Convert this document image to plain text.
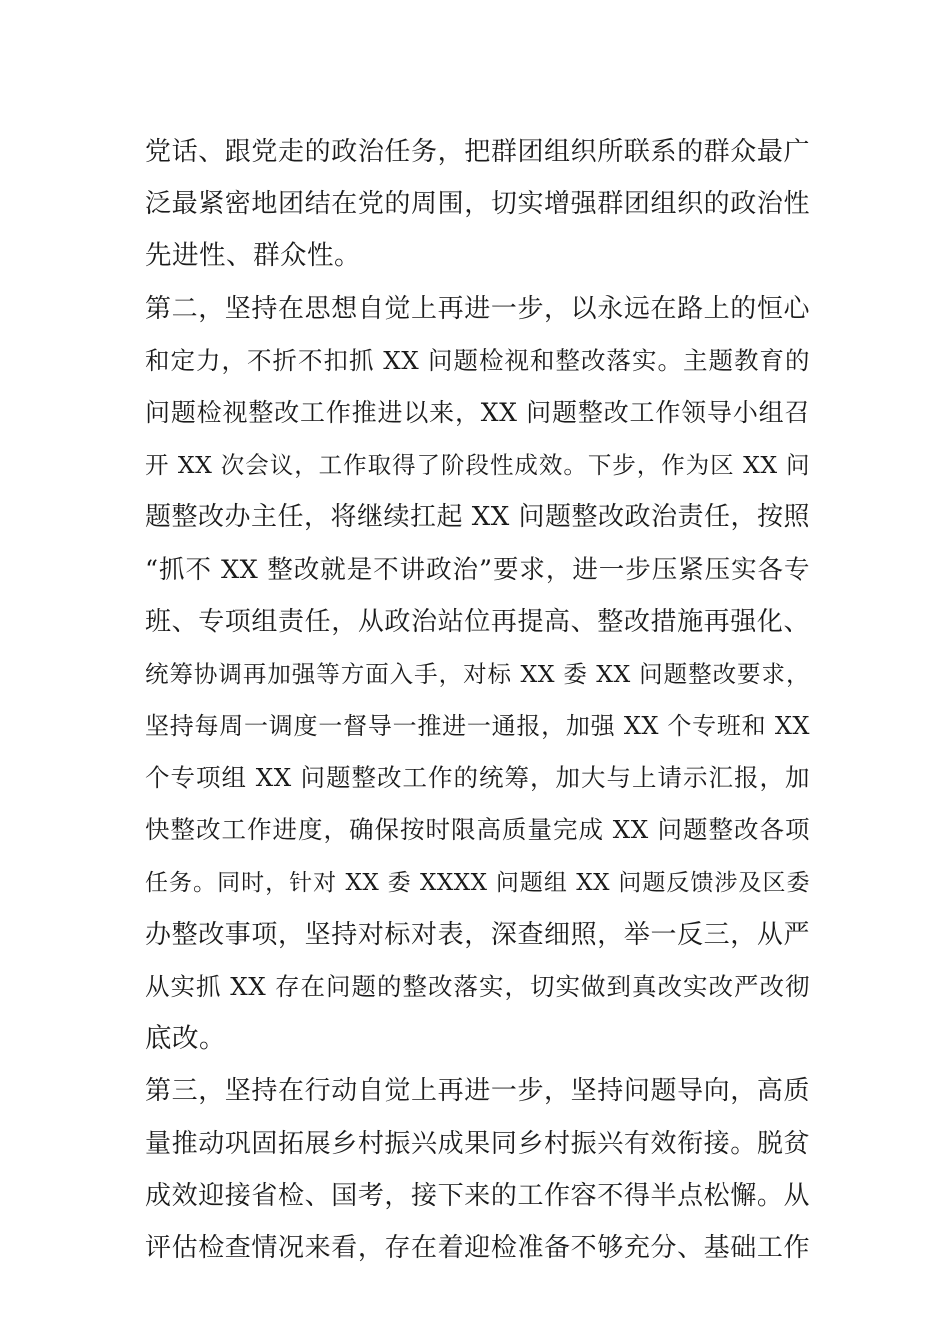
党话、跟党走的政治任务，把群团组织所联系的群众最广
泛最紧密地团结在党的周围，切实增强群团组织的政治性
先进性、群众性。
第二，坚持在思想自觉上再进一步，以永远在路上的恒心
和定力，不折不扣抓 XX 问题检视和整改落实。主题教育的
问题检视整改工作推进以来，XX 问题整改工作领导小组召
开 XX 次会议，工作取得了阶段性成效。下步，作为区 XX 问
题整改办主任，将继续扛起 XX 问题整改政治责任，按照
“抓不 XX 整改就是不讲政治”要求，进一步压紧压实各专
班、专项组责任，从政治站位再提高、整改措施再强化、
统筹协调再加强等方面入手，对标 XX 委 XX 问题整改要求，
坚持每周一调度一督导一推进一通报，加强 XX 个专班和 XX
个专项组 XX 问题整改工作的统筹，加大与上请示汇报，加
快整改工作进度，确保按时限高质量完成 XX 问题整改各项
任务。同时，针对 XX 委 XXXX 问题组 XX 问题反馈涉及区委
办整改事项，坚持对标对表，深查细照，举一反三，从严
从实抓 XX 存在问题的整改落实，切实做到真改实改严改彻
底改。
第三，坚持在行动自觉上再进一步，坚持问题导向，高质
量推动巩固拓展乡村振兴成果同乡村振兴有效衔接。脱贫
成效迎接省检、国考，接下来的工作容不得半点松懈。从
评估检查情况来看，存在着迎检准备不够充分、基础工作
